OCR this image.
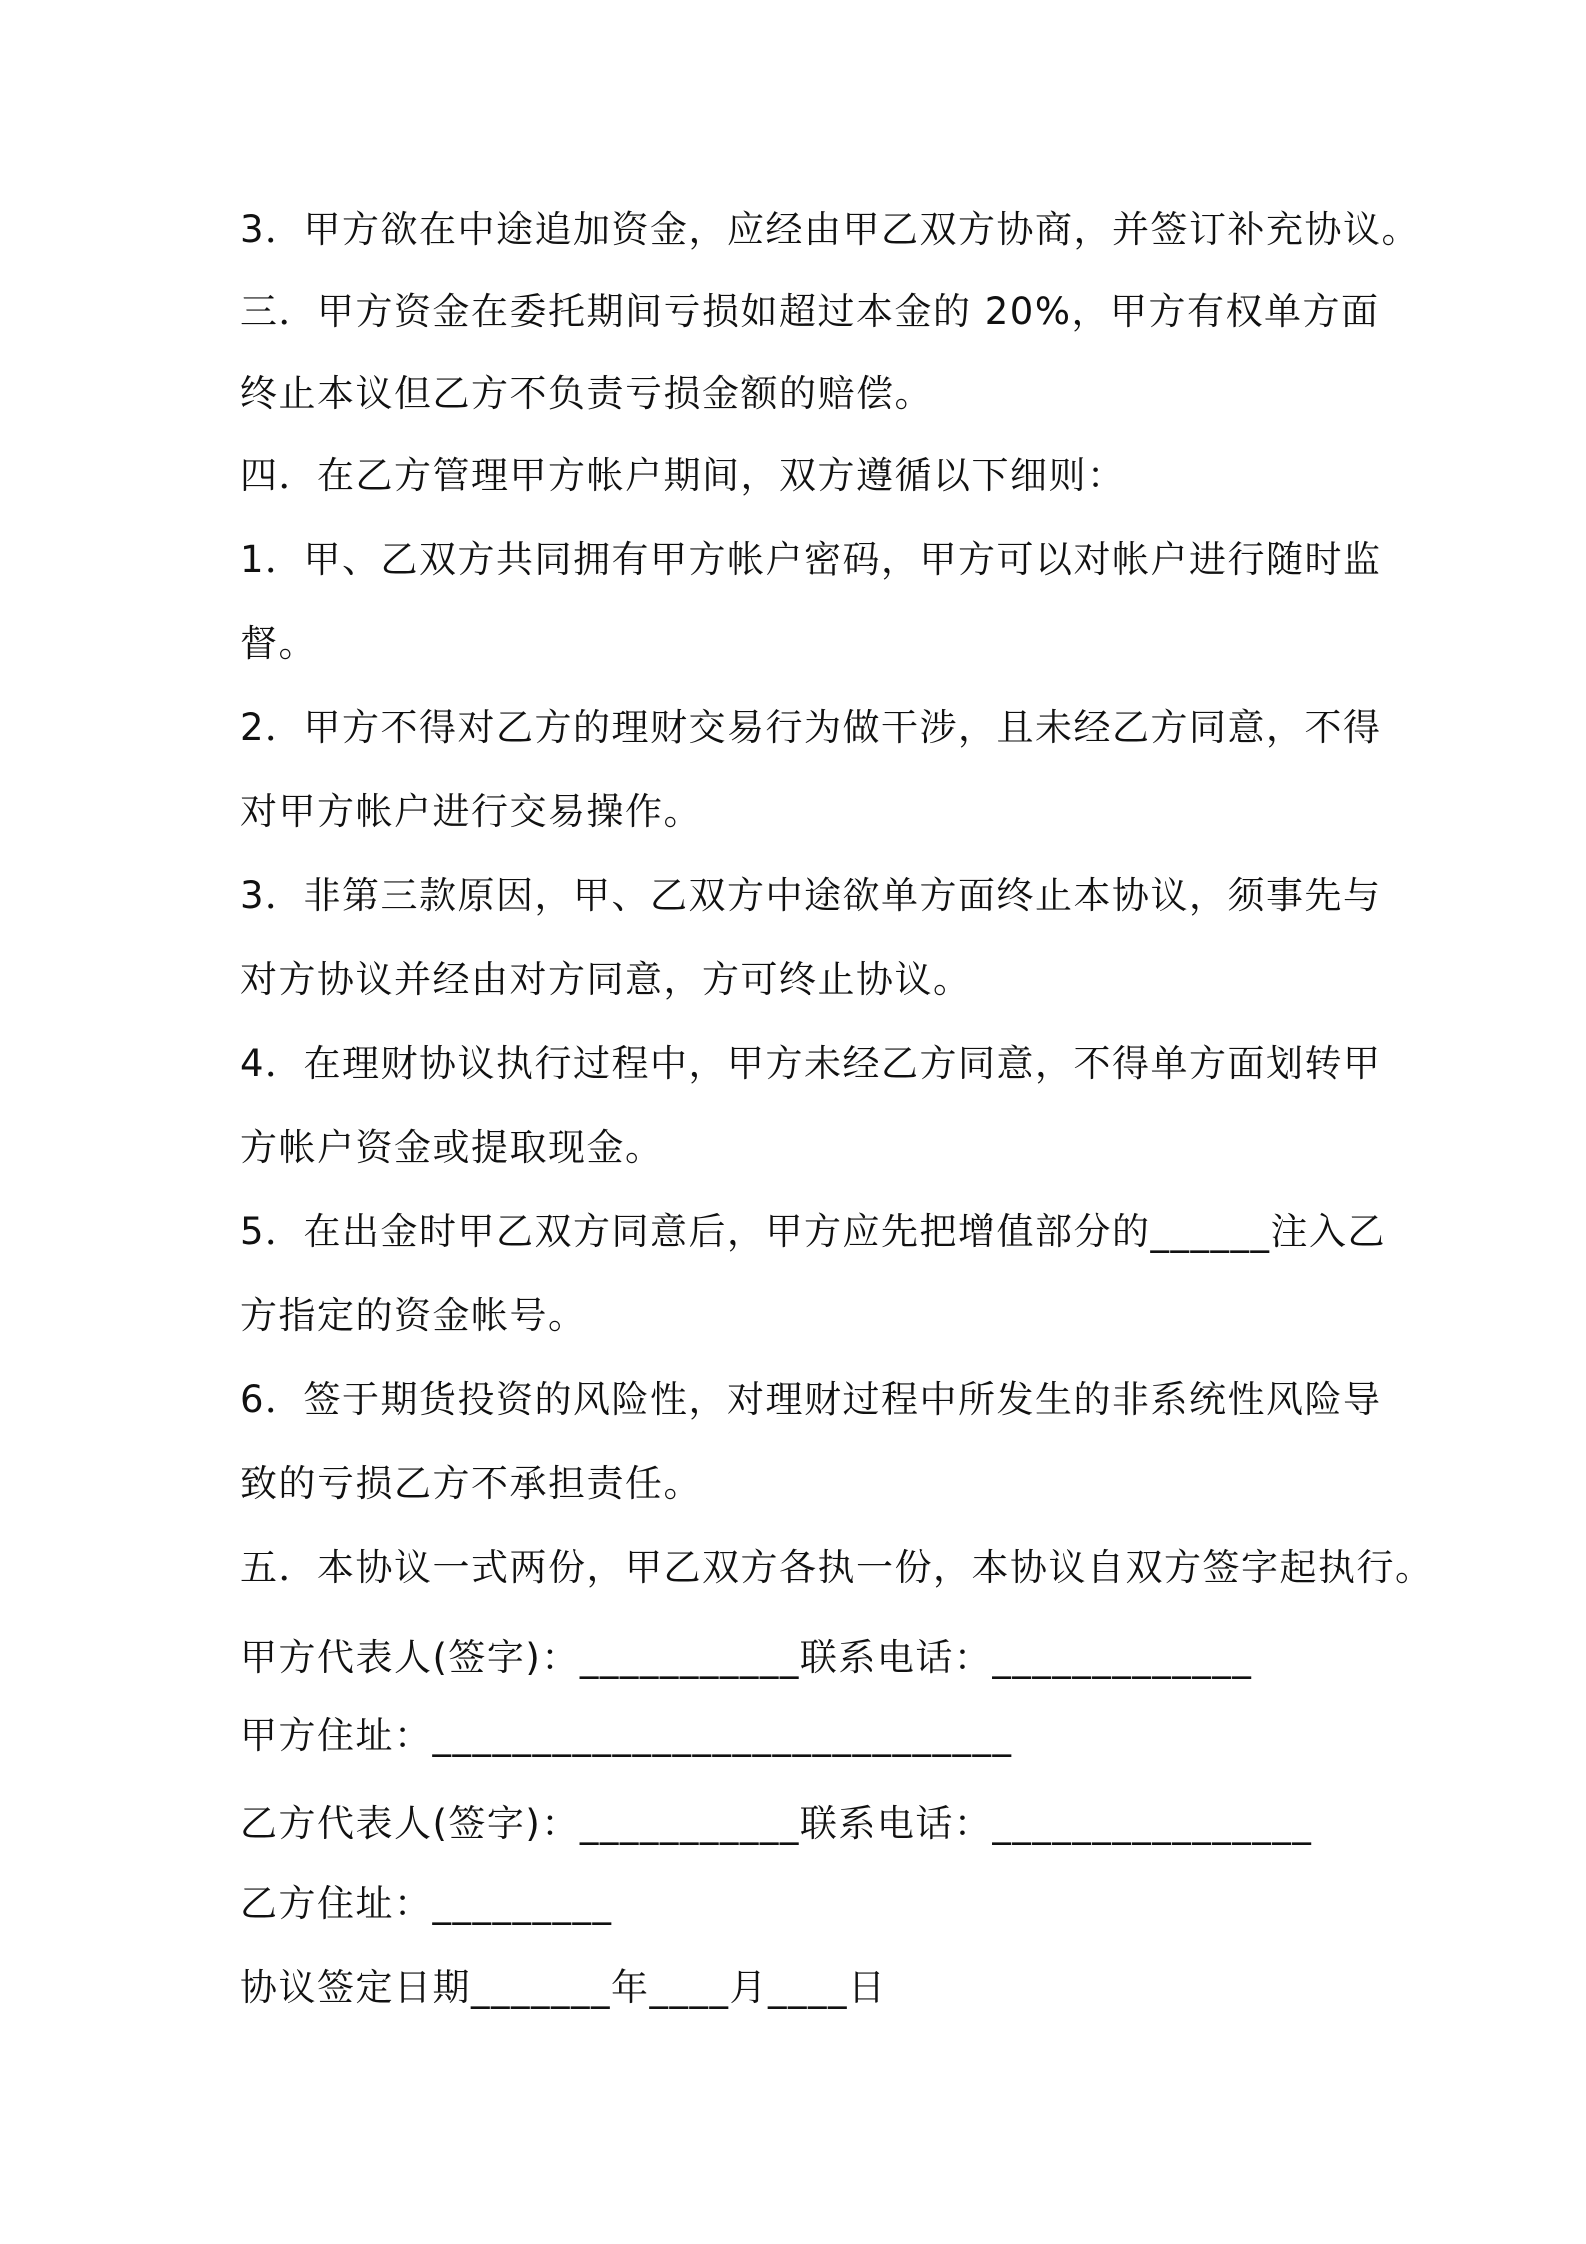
3．甲方欲在中途追加资金，应经由甲乙双方协商，并签订补充协议。
三．甲方资金在委托期间亏损如超过本金的 20%，甲方有权单方面
终止本议但乙方不负责亏损金额的赔偿。
四．在乙方管理甲方帐户期间，双方遵循以下细则：
1．甲、乙双方共同拥有甲方帐户密码，甲方可以对帐户进行随时监
督。
2．甲方不得对乙方的理财交易行为做干涉，且未经乙方同意，不得
对甲方帐户进行交易操作。
3．非第三款原因，甲、乙双方中途欲单方面终止本协议，须事先与
对方协议并经由对方同意，方可终止协议。
4．在理财协议执行过程中，甲方未经乙方同意，不得单方面划转甲
方帐户资金或提取现金。
5．在出金时甲乙双方同意后，甲方应先把增值部分的______注入乙
方指定的资金帐号。
6．签于期货投资的风险性，对理财过程中所发生的非系统性风险导
致的亏损乙方不承担责任。
五．本协议一式两份，甲乙双方各执一份，本协议自双方签字起执行。
甲方代表人(签字)：___________联系电话：_____________
甲方住址：_____________________________
乙方代表人(签字)：___________联系电话：________________
乙方住址：_________
协议签定日期_______年____月____日
